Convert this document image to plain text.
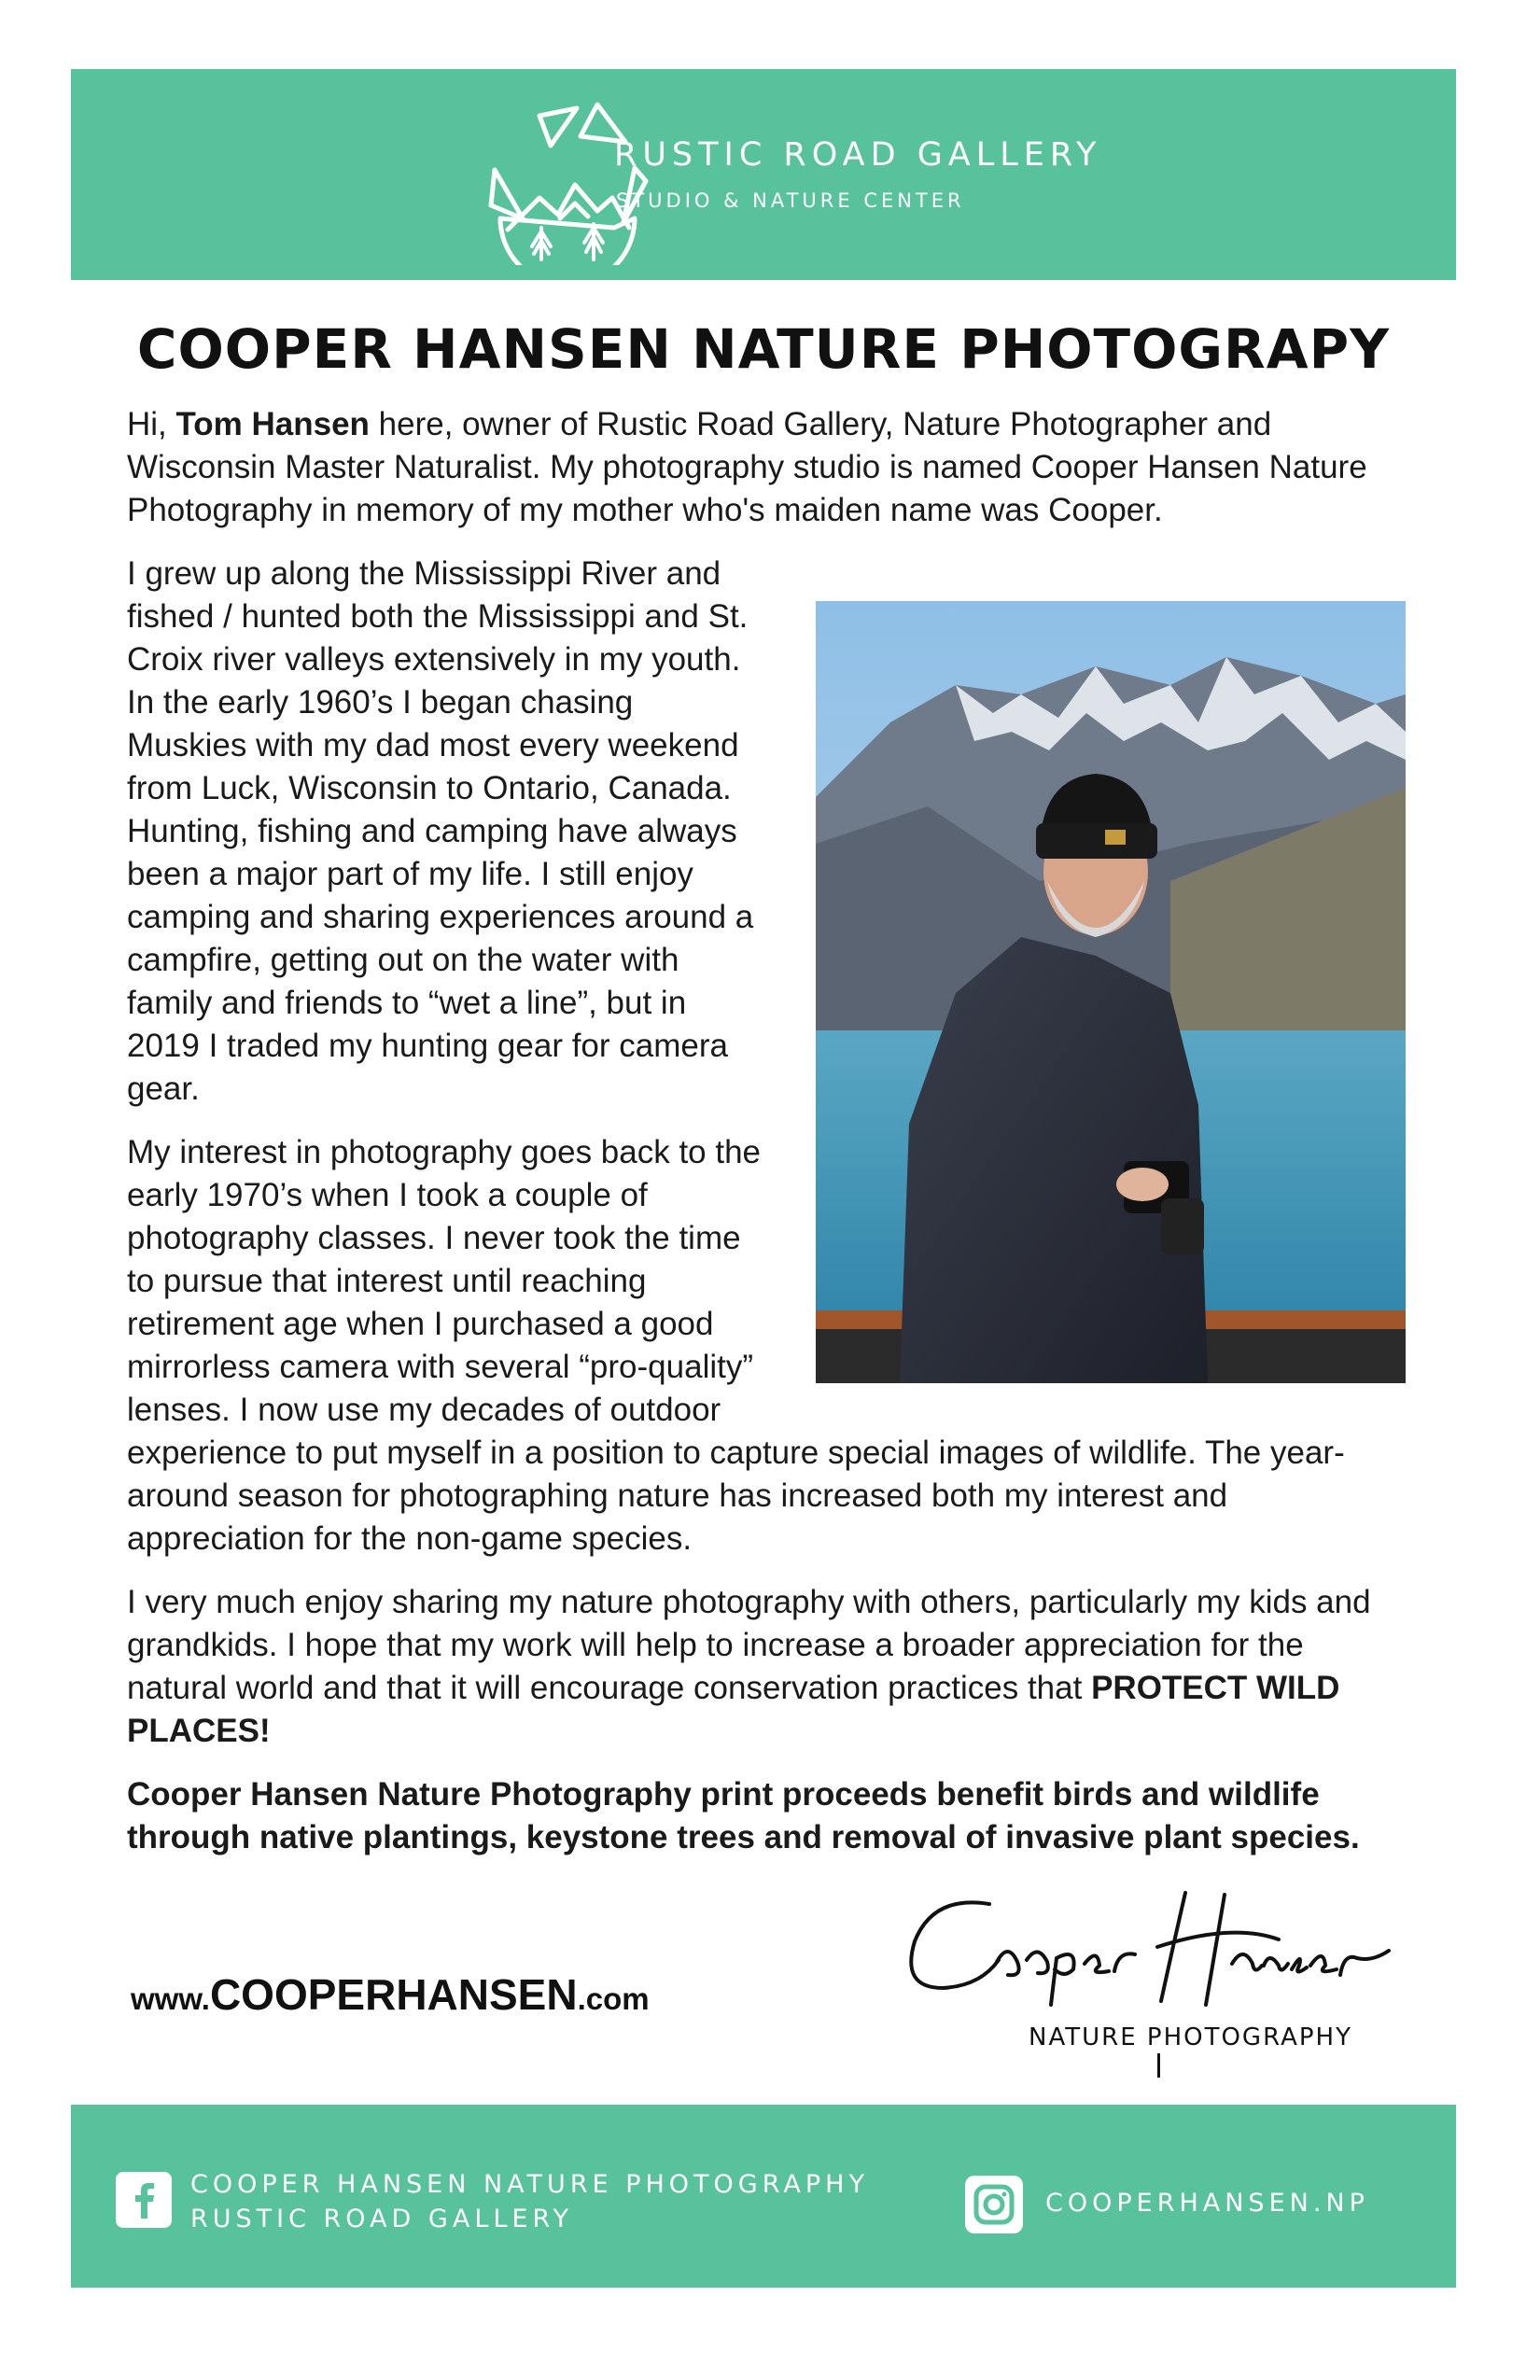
RUSTIC ROAD GALLERY
STUDIO & NATURE CENTER
COOPER HANSEN NATURE PHOTOGRAPY

Hi, Tom Hansen here, owner of Rustic Road Gallery, Nature Photographer and Wisconsin Master Naturalist. My photography studio is named Cooper Hansen Nature Photography in memory of my mother who's maiden name was Cooper.

I grew up along the Mississippi River and fished / hunted both the Mississippi and St. Croix river valleys extensively in my youth. In the early 1960’s I began chasing Muskies with my dad most every weekend from Luck, Wisconsin to Ontario, Canada. Hunting, fishing and camping have always been a major part of my life. I still enjoy camping and sharing experiences around a campfire, getting out on the water with family and friends to “wet a line”, but in 2019 I traded my hunting gear for camera gear.

My interest in photography goes back to the early 1970’s when I took a couple of photography classes. I never took the time to pursue that interest until reaching retirement age when I purchased a good mirrorless camera with several “pro-quality” lenses. I now use my decades of outdoor experience to put myself in a position to capture special images of wildlife. The year-around season for photographing nature has increased both my interest and appreciation for the non-game species.

I very much enjoy sharing my nature photography with others, particularly my kids and grandkids. I hope that my work will help to increase a broader appreciation for the natural world and that it will encourage conservation practices that PROTECT WILD PLACES!

Cooper Hansen Nature Photography print proceeds benefit birds and wildlife through native plantings, keystone trees and removal of invasive plant species.

www.COOPERHANSEN.com
NATURE PHOTOGRAPHY
COOPER HANSEN NATURE PHOTOGRAPHY
RUSTIC ROAD GALLERY
COOPERHANSEN.NP
